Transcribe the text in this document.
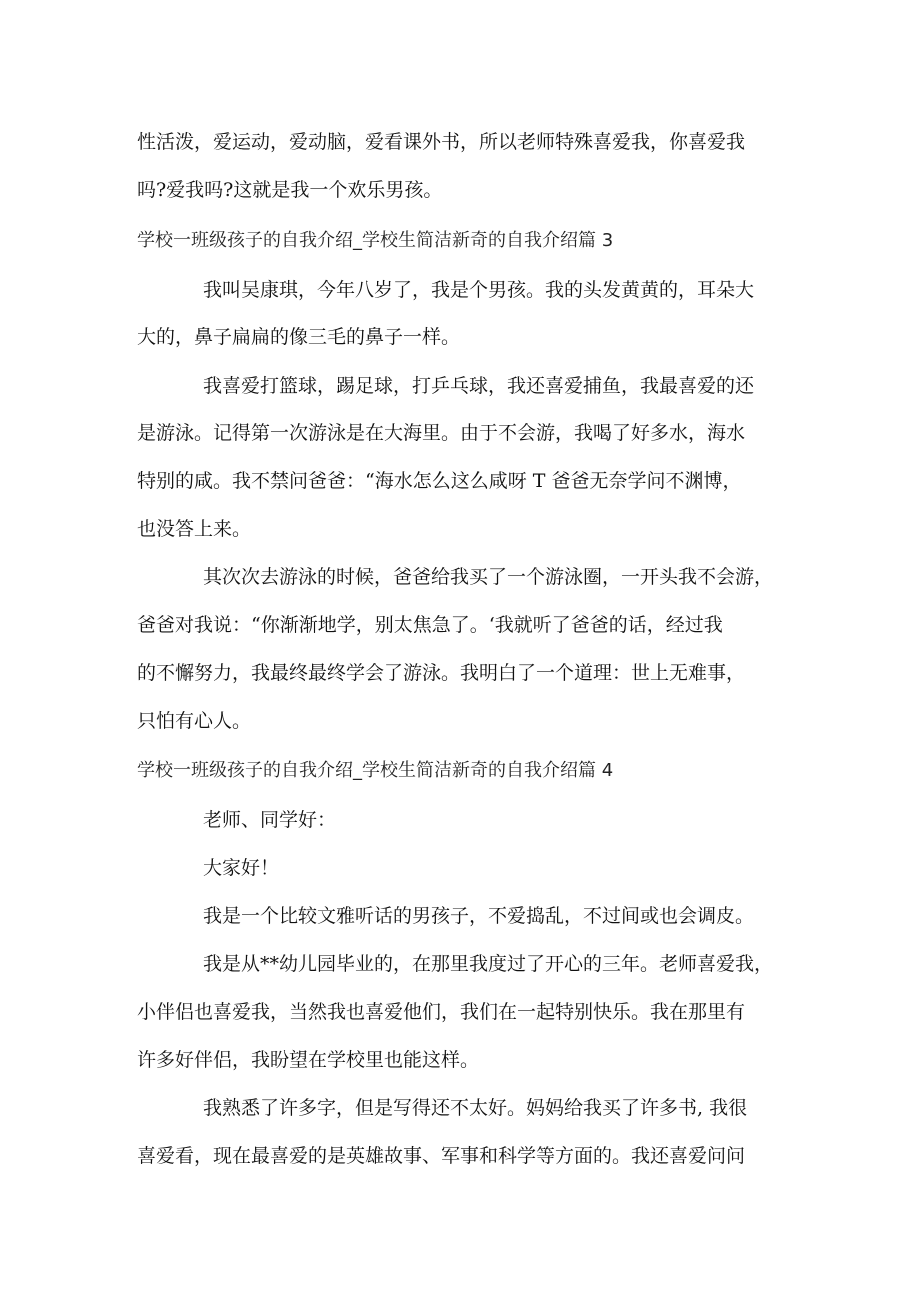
性活泼，爱运动，爱动脑，爱看课外书，所以老师特殊喜爱我，你喜爱我
吗?爱我吗?这就是我一个欢乐男孩。
学校一班级孩子的自我介绍_学校生简洁新奇的自我介绍篇 3
我叫吴康琪，今年八岁了，我是个男孩。我的头发黄黄的，耳朵大
大的，鼻子扁扁的像三毛的鼻子一样。
我喜爱打篮球，踢足球，打乒乓球，我还喜爱捕鱼，我最喜爱的还
是游泳。记得第一次游泳是在大海里。由于不会游，我喝了好多水，海水
特别的咸。我不禁问爸爸：“海水怎么这么咸呀 T 爸爸无奈学问不渊博，
也没答上来。
其次次去游泳的时候，爸爸给我买了一个游泳圈，一开头我不会游，
爸爸对我说：“你渐渐地学，别太焦急了。‘我就听了爸爸的话，经过我
的不懈努力，我最终最终学会了游泳。我明白了一个道理：世上无难事，
只怕有心人。
学校一班级孩子的自我介绍_学校生简洁新奇的自我介绍篇 4
老师、同学好：
大家好！
我是一个比较文雅听话的男孩子，不爱捣乱，不过间或也会调皮。
我是从**幼儿园毕业的，在那里我度过了开心的三年。老师喜爱我，
小伴侣也喜爱我，当然我也喜爱他们，我们在一起特别快乐。我在那里有
许多好伴侣，我盼望在学校里也能这样。
我熟悉了许多字，但是写得还不太好。妈妈给我买了许多书, 我很
喜爱看，现在最喜爱的是英雄故事、军事和科学等方面的。我还喜爱问问
